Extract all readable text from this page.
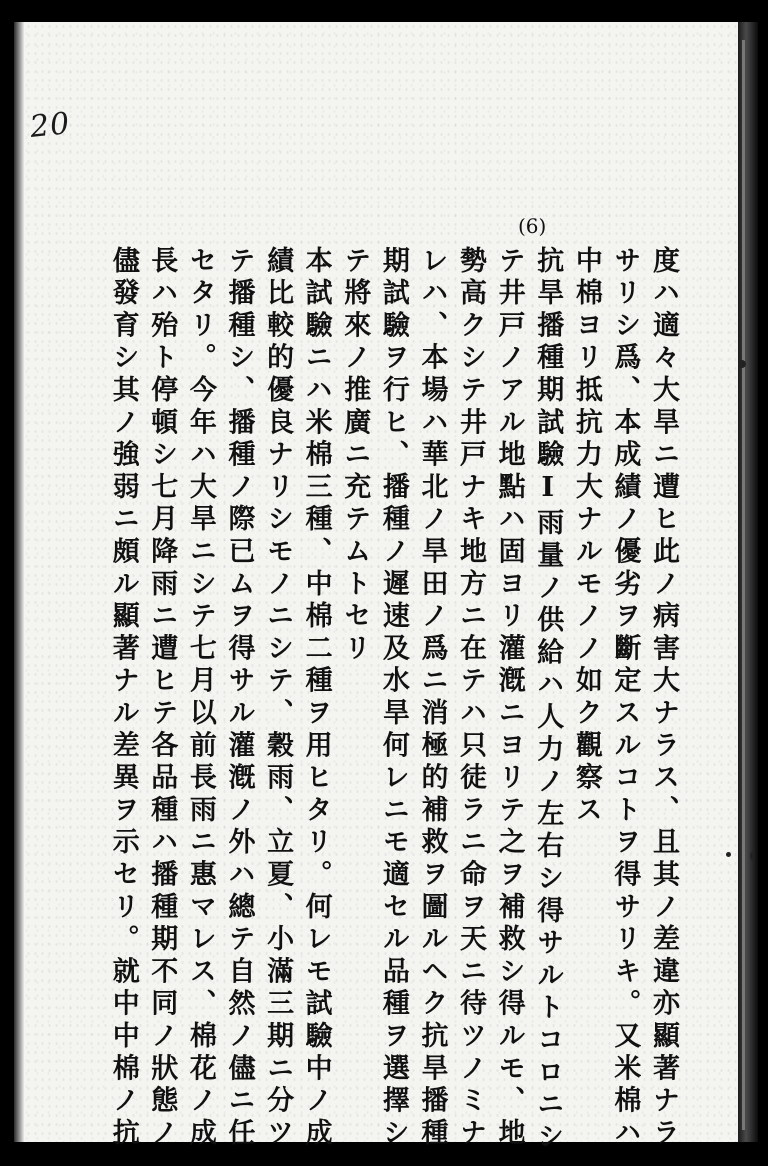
20
(6)
度ハ適々大旱ニ遭ヒ此ノ病害大ナラス、且其ノ差違亦顯著ナラ
サリシ爲、本成績ノ優劣ヲ斷定スルコトヲ得サリキ。又米棉ハ
中棉ヨリ抵抗力大ナルモノノ如ク觀察ス
抗旱播種期試驗Ⅰ雨量ノ供給ハ人力ノ左右シ得サルトコロニシ
テ井戸ノアル地點ハ固ヨリ灌漑ニヨリテ之ヲ補救シ得ルモ、地
勢高クシテ井戸ナキ地方ニ在テハ只徒ラニ命ヲ天ニ待ツノミナ
レハ、本場ハ華北ノ旱田ノ爲ニ消極的補救ヲ圖ルヘク抗旱播種
期試驗ヲ行ヒ、播種ノ遲速及水旱何レニモ適セル品種ヲ選擇シ
テ將來ノ推廣ニ充テムトセリ
本試驗ニハ米棉三種、中棉二種ヲ用ヒタリ。何レモ試驗中ノ成
績比較的優良ナリシモノニシテ、穀雨、立夏、小滿三期ニ分ツ
テ播種シ、播種ノ際已ムヲ得サル灌漑ノ外ハ總テ自然ノ儘ニ任
セタリ。今年ハ大旱ニシテ七月以前長雨ニ惠マレス、棉花ノ成
長ハ殆ト停頓シ七月降雨ニ遭ヒテ各品種ハ播種期不同ノ狀態ノ
儘發育シ其ノ強弱ニ頗ル顯著ナル差異ヲ示セリ。就中中棉ノ抗
